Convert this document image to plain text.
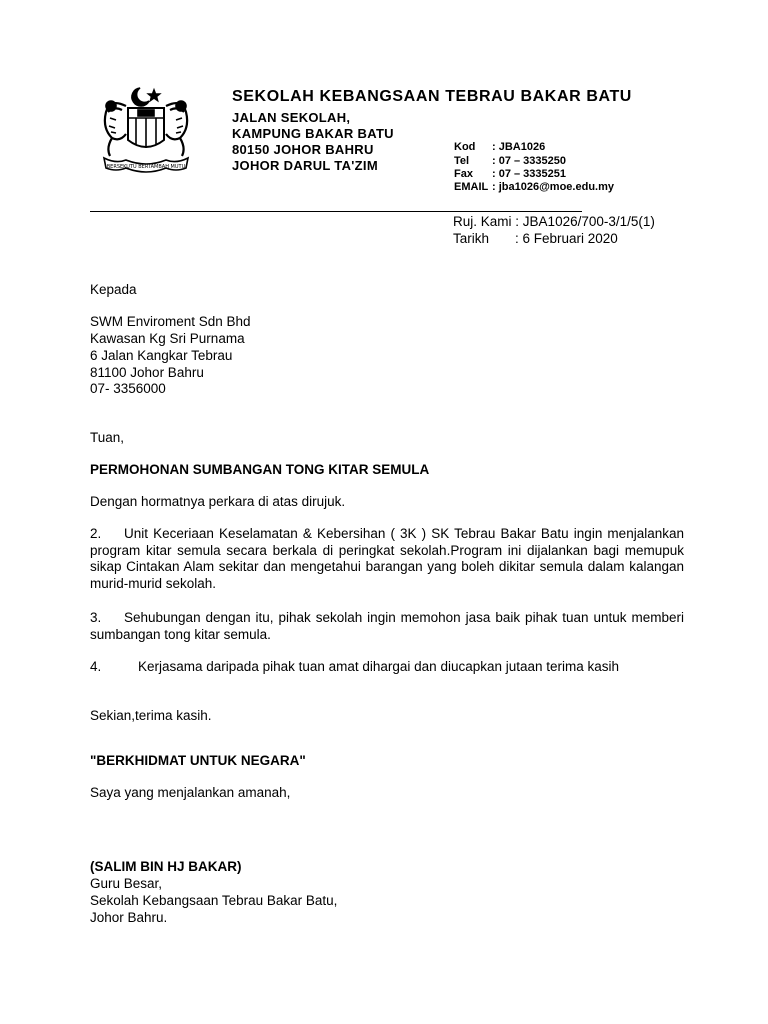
BERSEKUTU BERTAMBAH MUTU
SEKOLAH KEBANGSAAN TEBRAU BAKAR BATU
JALAN SEKOLAH,
KAMPUNG BAKAR BATU
80150 JOHOR BAHRU
JOHOR DARUL TA'ZIM
Kod : JBA1026
Tel : 07 – 3335250
Fax : 07 – 3335251
EMAIL : jba1026@moe.edu.my
Ruj. Kami : JBA1026/700-3/1/5(1)
Tarikh : 6 Februari 2020
Kepada
SWM Enviroment Sdn Bhd
Kawasan Kg Sri Purnama
6 Jalan Kangkar Tebrau
81100 Johor Bahru
07- 3356000
Tuan,
PERMOHONAN SUMBANGAN TONG KITAR SEMULA
Dengan hormatnya perkara di atas dirujuk.
2. Unit Keceriaan Keselamatan & Kebersihan ( 3K ) SK Tebrau Bakar Batu ingin menjalankan program kitar semula secara berkala di peringkat sekolah.Program ini dijalankan bagi memupuk sikap Cintakan Alam sekitar dan mengetahui barangan yang boleh dikitar semula dalam kalangan murid-murid sekolah.
3. Sehubungan dengan itu, pihak sekolah ingin memohon jasa baik pihak tuan untuk memberi sumbangan tong kitar semula.
4.	Kerjasama daripada pihak tuan amat dihargai dan diucapkan jutaan terima kasih
Sekian,terima kasih.
"BERKHIDMAT UNTUK NEGARA"
Saya yang menjalankan amanah,
(SALIM BIN HJ BAKAR)
Guru Besar,
Sekolah Kebangsaan Tebrau Bakar Batu,
Johor Bahru.
